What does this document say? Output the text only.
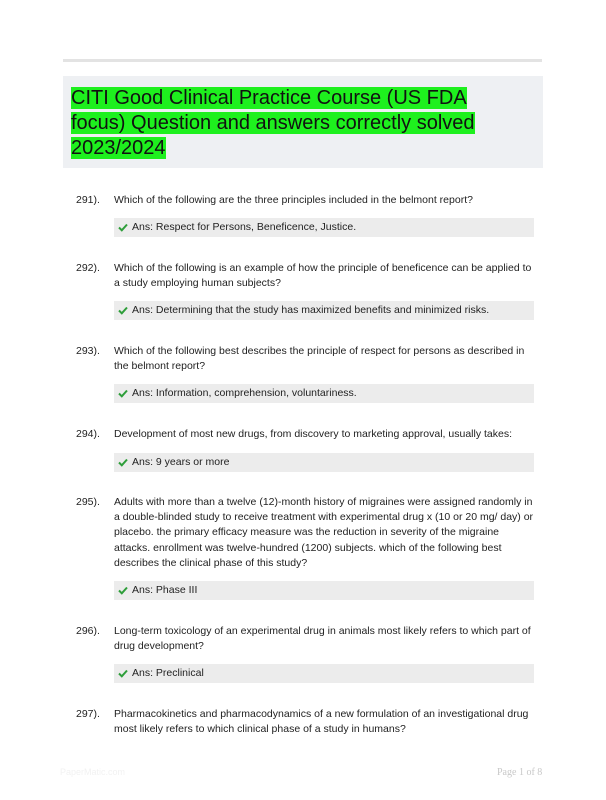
CITI Good Clinical Practice Course (US FDA focus) Question and answers correctly solved 2023/2024
291). Which of the following are the three principles included in the belmont report?
Ans: Respect for Persons, Beneficence, Justice.
292). Which of the following is an example of how the principle of beneficence can be applied to a study employing human subjects?
Ans: Determining that the study has maximized benefits and minimized risks.
293). Which of the following best describes the principle of respect for persons as described in the belmont report?
Ans: Information, comprehension, voluntariness.
294). Development of most new drugs, from discovery to marketing approval, usually takes:
Ans: 9 years or more
295). Adults with more than a twelve (12)-month history of migraines were assigned randomly in a double-blinded study to receive treatment with experimental drug x (10 or 20 mg/ day) or placebo. the primary efficacy measure was the reduction in severity of the migraine attacks. enrollment was twelve-hundred (1200) subjects. which of the following best describes the clinical phase of this study?
Ans: Phase III
296). Long-term toxicology of an experimental drug in animals most likely refers to which part of drug development?
Ans: Preclinical
297). Pharmacokinetics and pharmacodynamics of a new formulation of an investigational drug most likely refers to which clinical phase of a study in humans?
PaperMatic.com	Page 1 of 8
